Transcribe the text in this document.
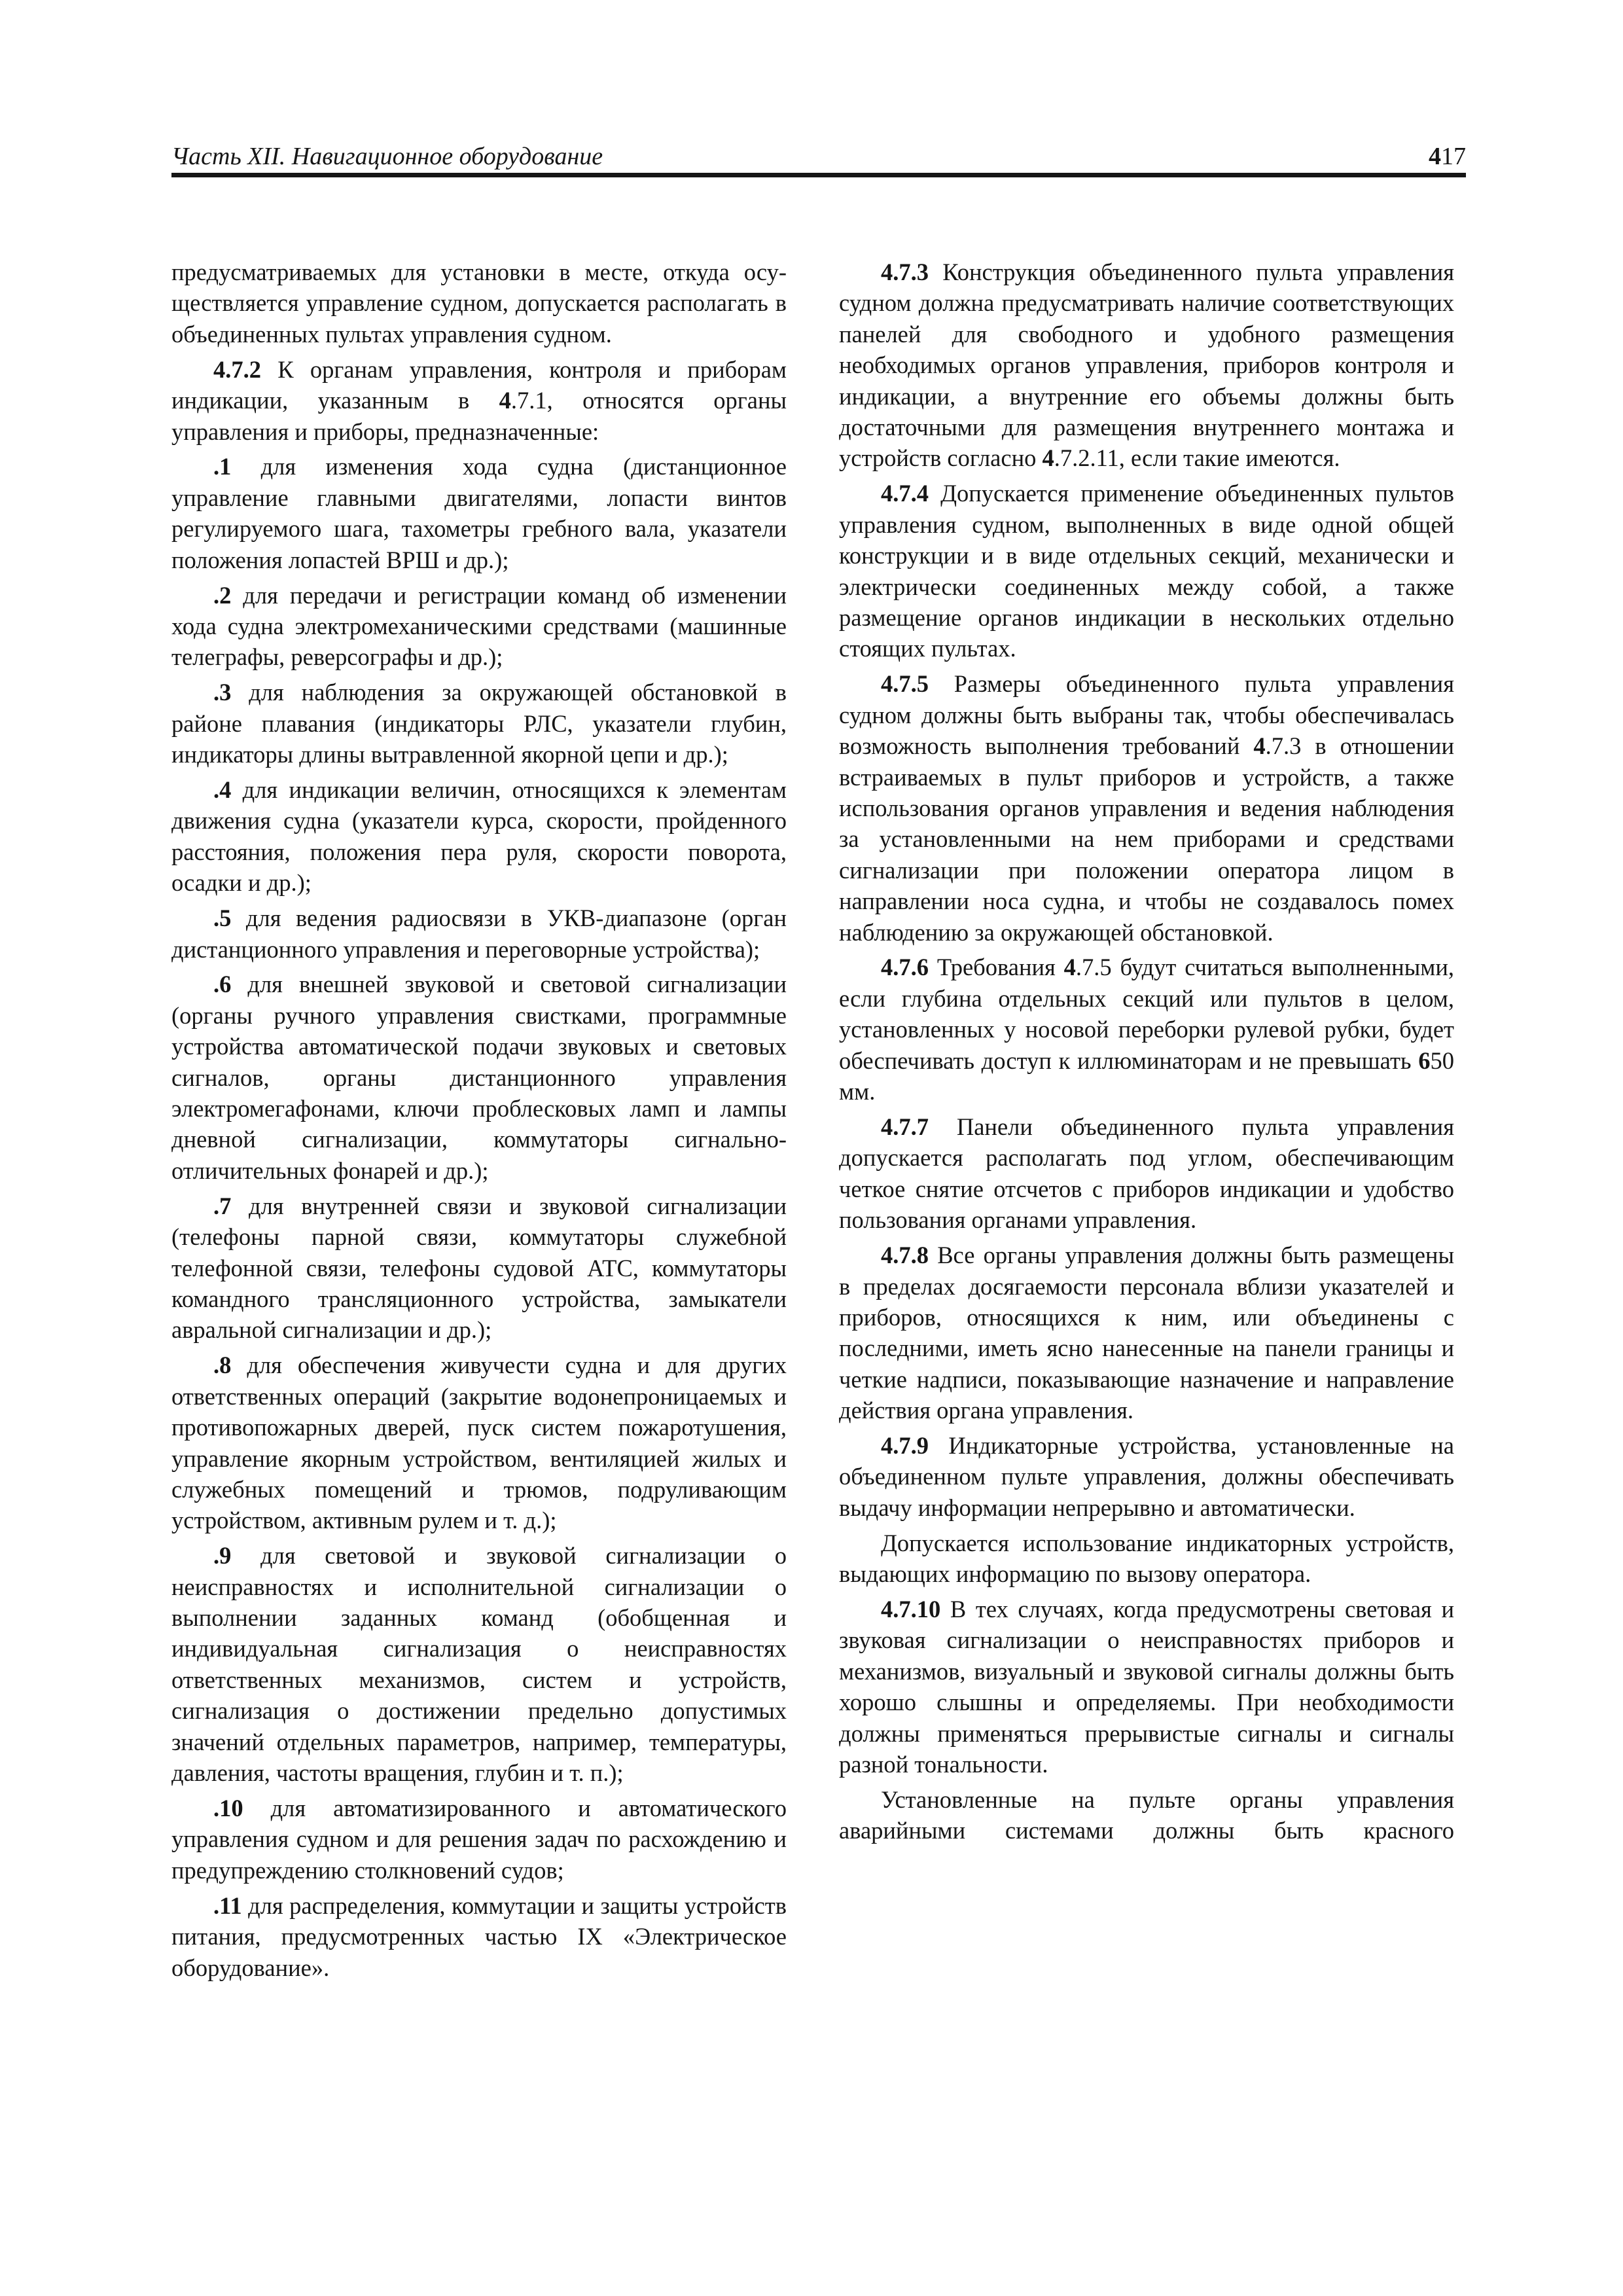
Часть XII. Навигационное оборудование	417

предусматриваемых для установки в месте, откуда осуществляется управление судном, допускается располагать в объединенных пультах управления судном.

4.7.2 К органам управления, контроля и приборам индикации, указанным в 4.7.1, относятся органы управления и приборы, предназначенные:

.1 для изменения хода судна (дистанционное управление главными двигателями, лопасти винтов регулируемого шага, тахометры гребного вала, указатели положения лопастей ВРШ и др.);

.2 для передачи и регистрации команд об изменении хода судна электромеханическими средствами (машинные телеграфы, реверсографы и др.);

.3 для наблюдения за окружающей обстановкой в районе плавания (индикаторы РЛС, указатели глубин, индикаторы длины вытравленной якорной цепи и др.);

.4 для индикации величин, относящихся к элементам движения судна (указатели курса, скорости, пройденного расстояния, положения пера руля, скорости поворота, осадки и др.);

.5 для ведения радиосвязи в УКВ-диапазоне (орган дистанционного управления и переговорные устройства);

.6 для внешней звуковой и световой сигнализации (органы ручного управления свистками, программные устройства автоматической подачи звуковых и световых сигналов, органы дистанционного управления электромегафонами, ключи проблесковых ламп и лампы дневной сигнализации, коммутаторы сигнально-отличительных фонарей и др.);

.7 для внутренней связи и звуковой сигнализации (телефоны парной связи, коммутаторы служебной телефонной связи, телефоны судовой АТС, коммутаторы командного трансляционного устройства, замыкатели авральной сигнализации и др.);

.8 для обеспечения живучести судна и для других ответственных операций (закрытие водонепроницаемых и противопожарных дверей, пуск систем пожаротушения, управление якорным устройством, вентиляцией жилых и служебных помещений и трюмов, подруливающим устройством, активным рулем и т. д.);

.9 для световой и звуковой сигнализации о неисправностях и исполнительной сигнализации о выполнении заданных команд (обобщенная и индивидуальная сигнализация о неисправностях ответственных механизмов, систем и устройств, сигнализация о достижении предельно допустимых значений отдельных параметров, например, температуры, давления, частоты вращения, глубин и т. п.);

.10 для автоматизированного и автоматического управления судном и для решения задач по расхождению и предупреждению столкновений судов;

.11 для распределения, коммутации и защиты устройств питания, предусмотренных частью IX «Электрическое оборудование».

4.7.3 Конструкция объединенного пульта управления судном должна предусматривать наличие соответствующих панелей для свободного и удобного размещения необходимых органов управления, приборов контроля и индикации, а внутренние его объемы должны быть достаточными для размещения внутреннего монтажа и устройств согласно 4.7.2.11, если такие имеются.

4.7.4 Допускается применение объединенных пультов управления судном, выполненных в виде одной общей конструкции и в виде отдельных секций, механически и электрически соединенных между собой, а также размещение органов индикации в нескольких отдельно стоящих пультах.

4.7.5 Размеры объединенного пульта управления судном должны быть выбраны так, чтобы обеспечивалась возможность выполнения требований 4.7.3 в отношении встраиваемых в пульт приборов и устройств, а также использования органов управления и ведения наблюдения за установленными на нем приборами и средствами сигнализации при положении оператора лицом в направлении носа судна, и чтобы не создавалось помех наблюдению за окружающей обстановкой.

4.7.6 Требования 4.7.5 будут считаться выполненными, если глубина отдельных секций или пультов в целом, установленных у носовой переборки рулевой рубки, будет обеспечивать доступ к иллюминаторам и не превышать 650 мм.

4.7.7 Панели объединенного пульта управления допускается располагать под углом, обеспечивающим четкое снятие отсчетов с приборов индикации и удобство пользования органами управления.

4.7.8 Все органы управления должны быть размещены в пределах досягаемости персонала вблизи указателей и приборов, относящихся к ним, или объединены с последними, иметь ясно нанесенные на панели границы и четкие надписи, показывающие назначение и направление действия органа управления.

4.7.9 Индикаторные устройства, установленные на объединенном пульте управления, должны обеспечивать выдачу информации непрерывно и автоматически.

Допускается использование индикаторных устройств, выдающих информацию по вызову оператора.

4.7.10 В тех случаях, когда предусмотрены световая и звуковая сигнализации о неисправностях приборов и механизмов, визуальный и звуковой сигналы должны быть хорошо слышны и определяемы. При необходимости должны применяться прерывистые сигналы и сигналы разной тональности.

Установленные на пульте органы управления аварийными системами должны быть красного
